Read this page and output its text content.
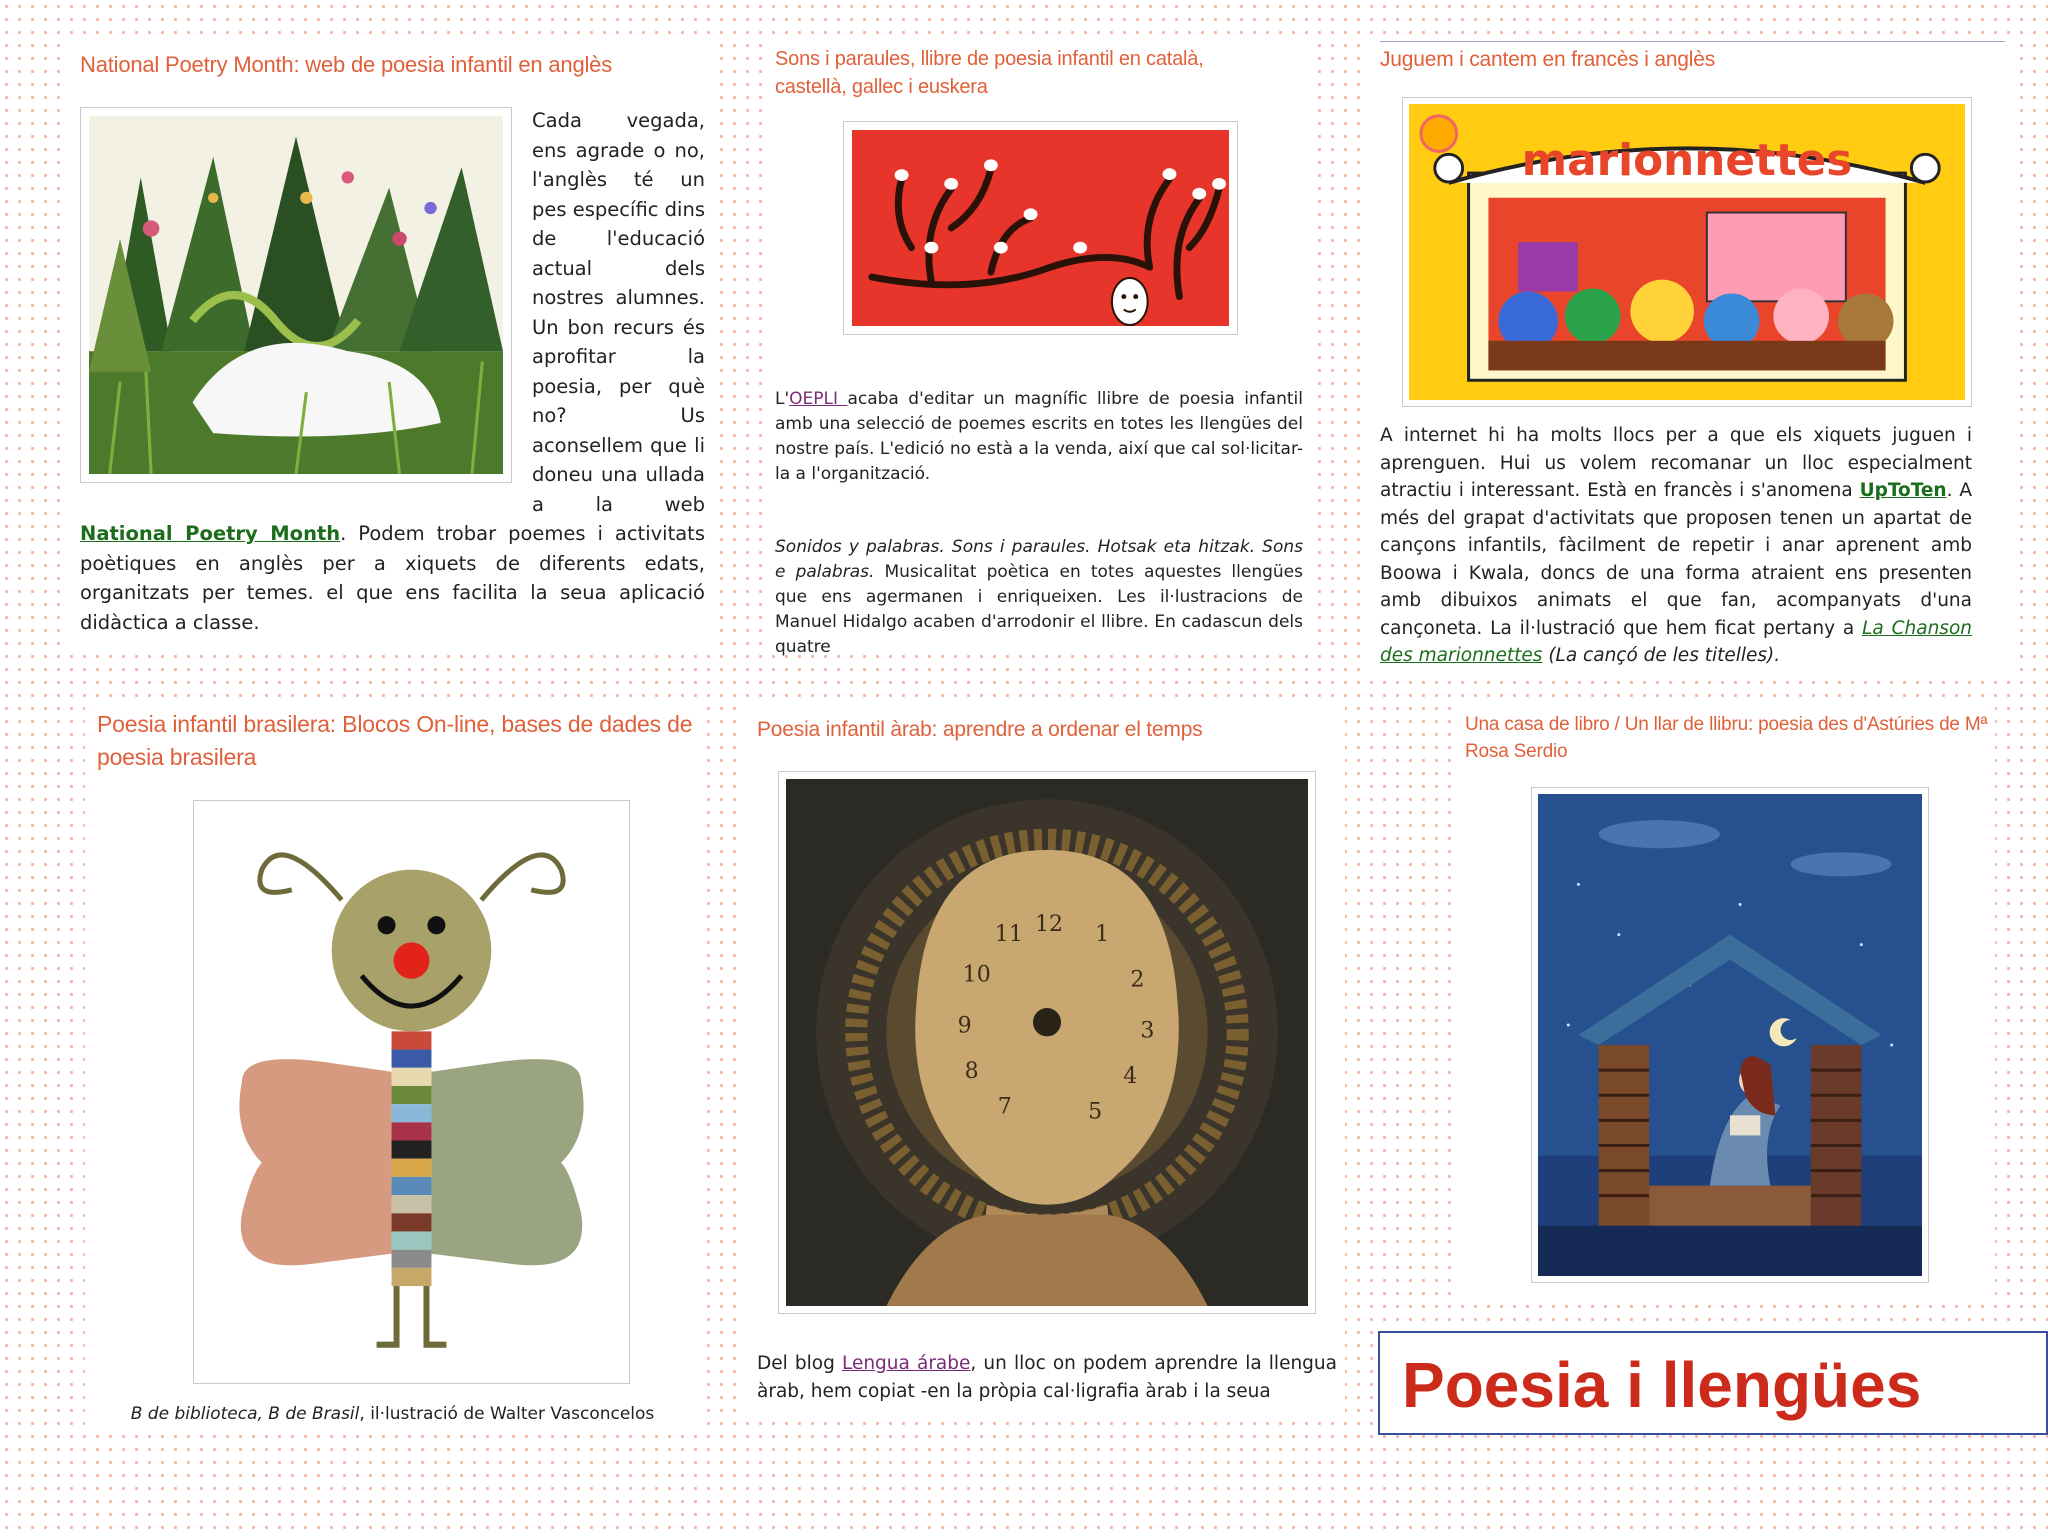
National Poetry Month: web de poesia infantil en anglès
Cada vegada,
ens agrade o no,
l'anglès té un
pes específic dins
de l'educació
actual dels
nostres alumnes.
Un bon recurs és
aprofitar la
poesia, per què
no? Us
aconsellem que li
doneu una ullada
a la web
National Poetry Month. Podem trobar poemes i activitats poètiques en anglès per a xiquets de diferents edats, organitzats per temes. el que ens facilita la seua aplicació didàctica a classe.
Sons i paraules, llibre de poesia infantil en català, castellà, gallec i euskera
L'OEPLI acaba d'editar un magnífic llibre de poesia infantil amb una selecció de poemes escrits en totes les llengües del nostre país. L'edició no està a la venda, així que cal sol·licitar-la a l'organització.
Sonidos y palabras. Sons i paraules. Hotsak eta hitzak. Sons e palabras. Musicalitat poètica en totes aquestes llengües que ens agermanen i enriqueixen. Les il·lustracions de Manuel Hidalgo acaben d'arrodonir el llibre. En cadascun dels quatre
Juguem i cantem en francès i anglès
marionnettes
A internet hi ha molts llocs per a que els xiquets juguen i aprenguen. Hui us volem recomanar un lloc especialment atractiu i interessant. Està en francès i s'anomena UpToTen. A més del grapat d'activitats que proposen tenen un apartat de cançons infantils, fàcilment de repetir i anar aprenent amb Boowa i Kwala, doncs de una forma atraient ens presenten amb dibuixos animats el que fan, acompanyats d'una cançoneta. La il·lustració que hem ficat pertany a La Chanson des marionnettes (La cançó de les titelles).
Poesia infantil brasilera: Blocos On-line, bases de dades de poesia brasilera
B de biblioteca, B de Brasil, il·lustració de Walter Vasconcelos
Poesia infantil àrab: aprendre a ordenar el temps
12 1
2
3
4
5
7
8
9
10
11
Del blog Lengua árabe, un lloc on podem aprendre la llengua àrab, hem copiat -en la pròpia cal·ligrafia àrab i la seua
Una casa de libro / Un llar de llibru: poesia des d'Astúries de Mª Rosa Serdio
Poesia i llengües
